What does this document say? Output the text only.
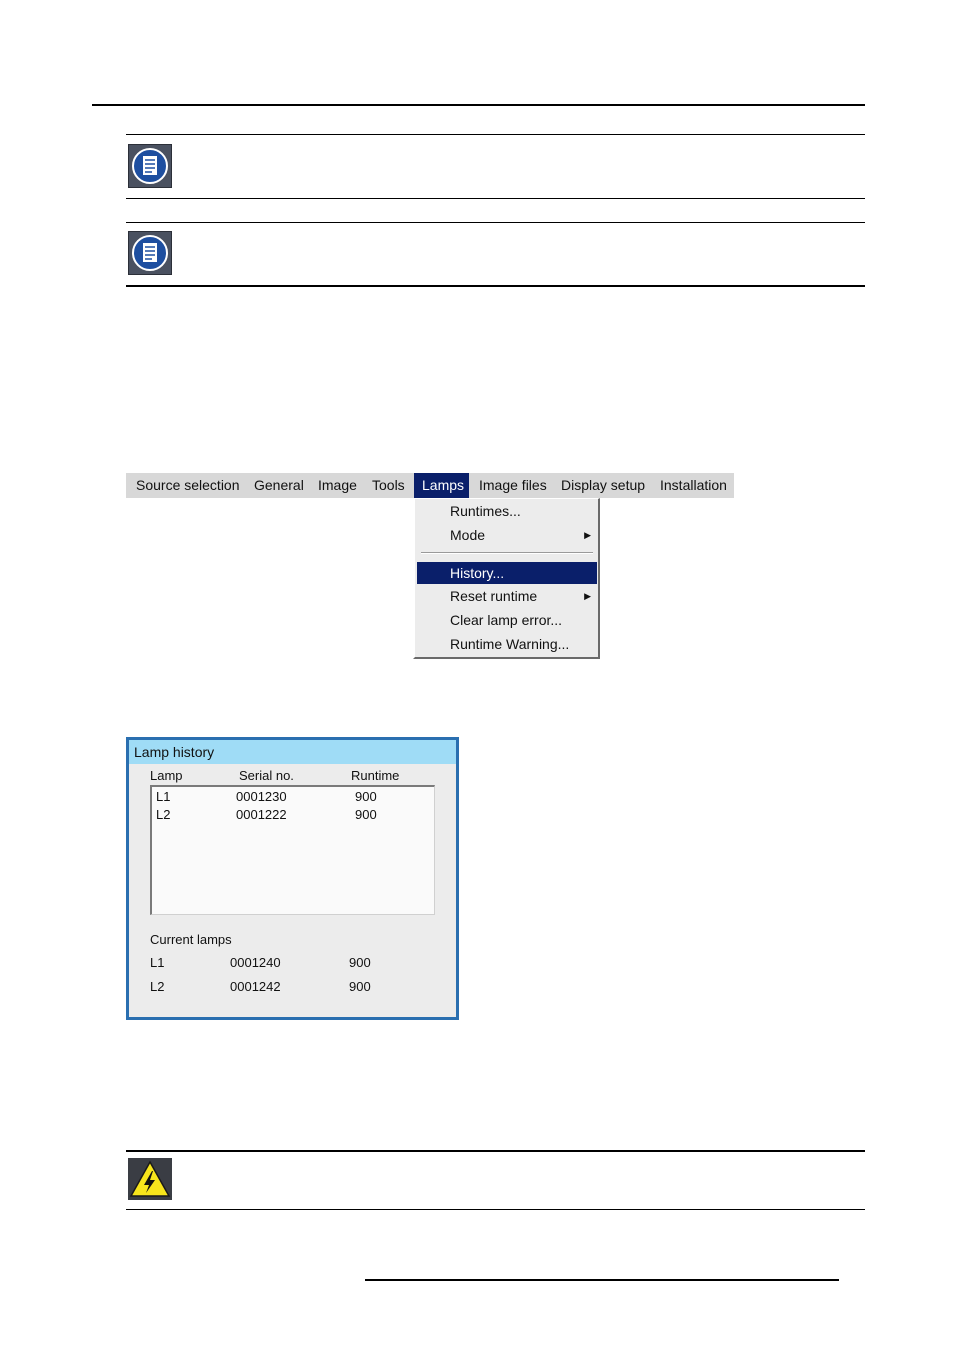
Source selection General Image Tools	Lamps	Image files Display setup Installation
Runtimes...
Mode	▶
History...
Reset runtime	▶
Clear lamp error...
Runtime Warning...
Lamp history
Lamp	Serial no.	Runtime
L1	0001230	900
L2	0001222	900
Current lamps
L1	0001240	900
L2	0001242	900
